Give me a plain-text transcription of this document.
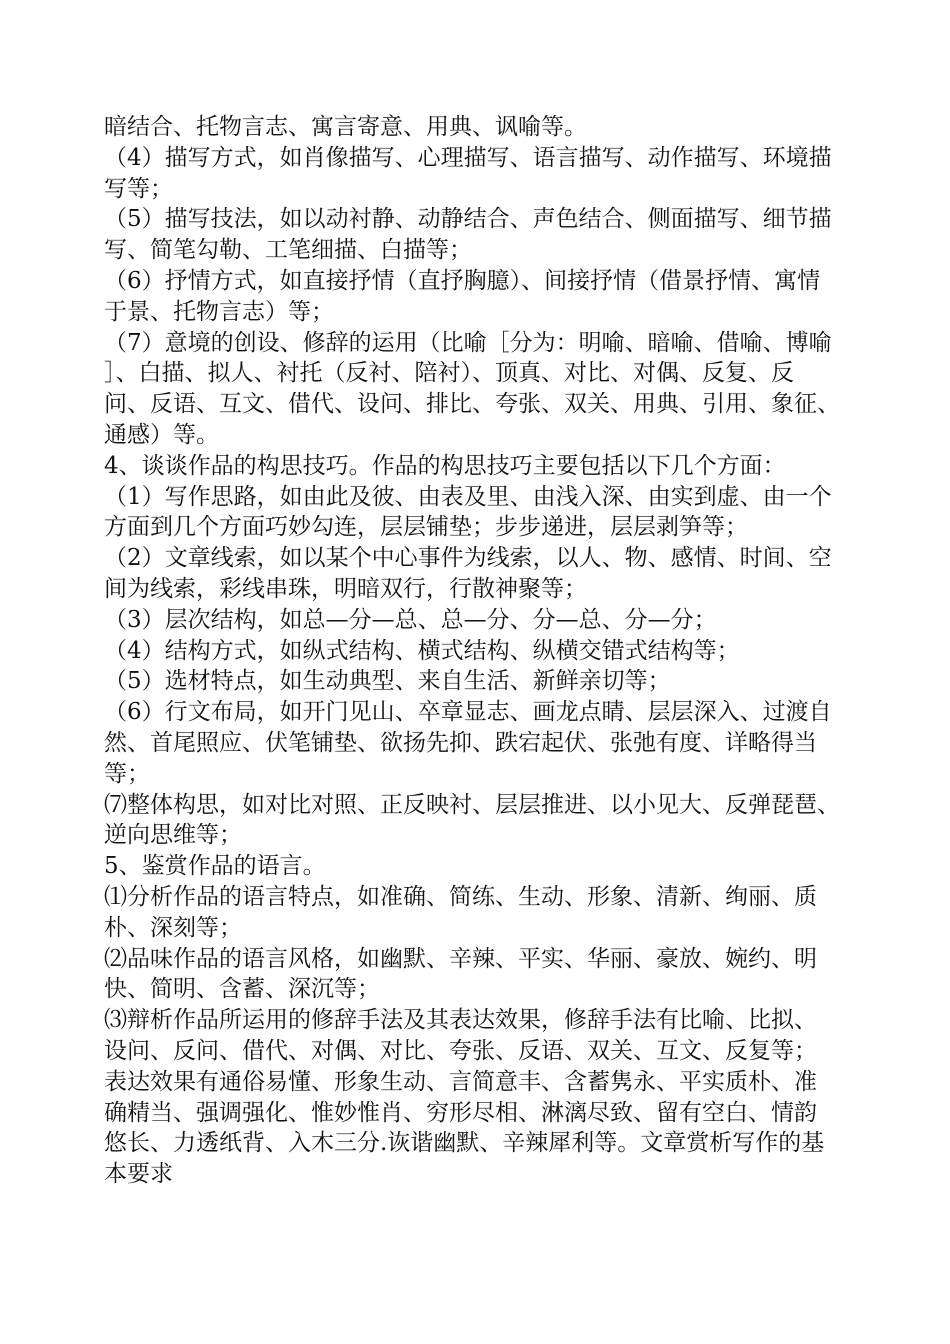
暗结合、托物言志、寓言寄意、用典、讽喻等。
（4）描写方式，如肖像描写、心理描写、语言描写、动作描写、环境描
写等；
（5）描写技法，如以动衬静、动静结合、声色结合、侧面描写、细节描
写、简笔勾勒、工笔细描、白描等；
（6）抒情方式，如直接抒情（直抒胸臆）、间接抒情（借景抒情、寓情
于景、托物言志）等；
（7）意境的创设、修辞的运用（比喻［分为：明喻、暗喻、借喻、博喻
］、白描、拟人、衬托（反衬、陪衬）、顶真、对比、对偶、反复、反
问、反语、互文、借代、设问、排比、夸张、双关、用典、引用、象征、
通感）等。
4、谈谈作品的构思技巧。作品的构思技巧主要包括以下几个方面：
（1）写作思路，如由此及彼、由表及里、由浅入深、由实到虚、由一个
方面到几个方面巧妙勾连，层层铺垫；步步递进，层层剥笋等；
（2）文章线索，如以某个中心事件为线索，以人、物、感情、时间、空
间为线索，彩线串珠，明暗双行，行散神聚等；
（3）层次结构，如总—分—总、总—分、分—总、分—分；
（4）结构方式，如纵式结构、横式结构、纵横交错式结构等；
（5）选材特点，如生动典型、来自生活、新鲜亲切等；
（6）行文布局，如开门见山、卒章显志、画龙点睛、层层深入、过渡自
然、首尾照应、伏笔铺垫、欲扬先抑、跌宕起伏、张弛有度、详略得当
等；
⑺整体构思，如对比对照、正反映衬、层层推进、以小见大、反弹琵琶、
逆向思维等；
5、鉴赏作品的语言。
⑴分析作品的语言特点，如准确、简练、生动、形象、清新、绚丽、质
朴、深刻等；
⑵品味作品的语言风格，如幽默、辛辣、平实、华丽、豪放、婉约、明
快、简明、含蓄、深沉等；
⑶辩析作品所运用的修辞手法及其表达效果，修辞手法有比喻、比拟、
设问、反问、借代、对偶、对比、夸张、反语、双关、互文、反复等；
表达效果有通俗易懂、形象生动、言简意丰、含蓄隽永、平实质朴、准
确精当、强调强化、惟妙惟肖、穷形尽相、淋漓尽致、留有空白、情韵
悠长、力透纸背、入木三分.诙谐幽默、辛辣犀利等。文章赏析写作的基
本要求
